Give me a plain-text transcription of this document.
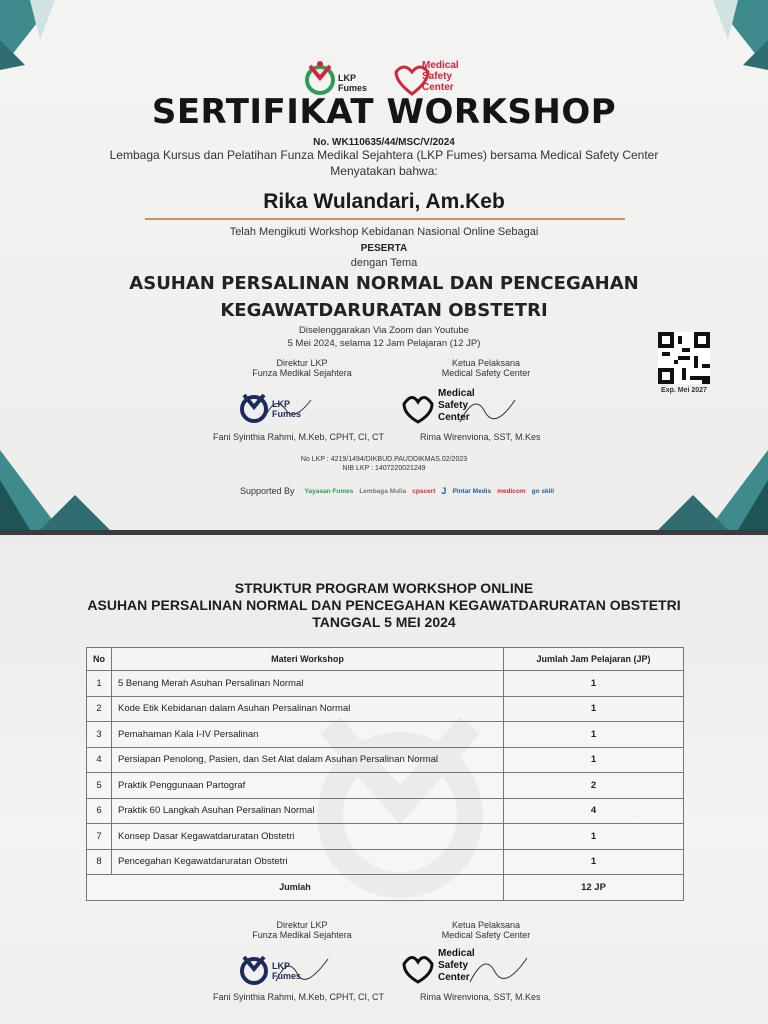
LKP Fumes
Medical Safety Center
SERTIFIKAT WORKSHOP
No. WK110635/44/MSC/V/2024
Lembaga Kursus dan Pelatihan Funza Medikal Sejahtera (LKP Fumes) bersama Medical Safety Center
Menyatakan bahwa:
Rika Wulandari, Am.Keb
Telah Mengikuti Workshop Kebidanan Nasional Online Sebagai
PESERTA
dengan Tema
ASUHAN PERSALINAN NORMAL DAN PENCEGAHAN
KEGAWATDARURATAN OBSTETRI
Diselenggarakan Via Zoom dan Youtube
5 Mei 2024, selama 12 Jam Pelajaran (12 JP)
Exp. Mei 2027
Direktur LKP
Funza Medikal Sejahtera
LKP
Fumes
Fani Syinthia Rahmi, M.Keb, CPHT, CI, CT
Ketua Pelaksana
Medical Safety Center
Medical
Safety
Center
Rima Wirenviona, SST, M.Kes
No LKP : 4219/1494/DIKBUD.PAUDDIKMAS.02/2023
NIB LKP : 1407220021249
Supported By Yayasan Fumes Lembaga Mulia cpscert J Pintar Medis medicom go skill
STRUKTUR PROGRAM WORKSHOP ONLINE
ASUHAN PERSALINAN NORMAL DAN PENCEGAHAN KEGAWATDARURATAN OBSTETRI
TANGGAL 5 MEI 2024
No	Materi Workshop	Jumlah Jam Pelajaran (JP)
1	5 Benang Merah Asuhan Persalinan Normal	1
2	Kode Etik Kebidanan dalam Asuhan Persalinan Normal	1
3	Pemahaman Kala I-IV Persalinan	1
4	Persiapan Penolong, Pasien, dan Set Alat dalam Asuhan Persalinan Normal	1
5	Praktik Penggunaan Partograf	2
6	Praktik 60 Langkah Asuhan Persalinan Normal	4
7	Konsep Dasar Kegawatdaruratan Obstetri	1
8	Pencegahan Kegawatdaruratan Obstetri	1
Jumlah		12 JP
Direktur LKP
Funza Medikal Sejahtera
LKP
Fumes
Fani Syinthia Rahmi, M.Keb, CPHT, CI, CT
Ketua Pelaksana
Medical Safety Center
Medical
Safety
Center
Rima Wirenviona, SST, M.Kes
